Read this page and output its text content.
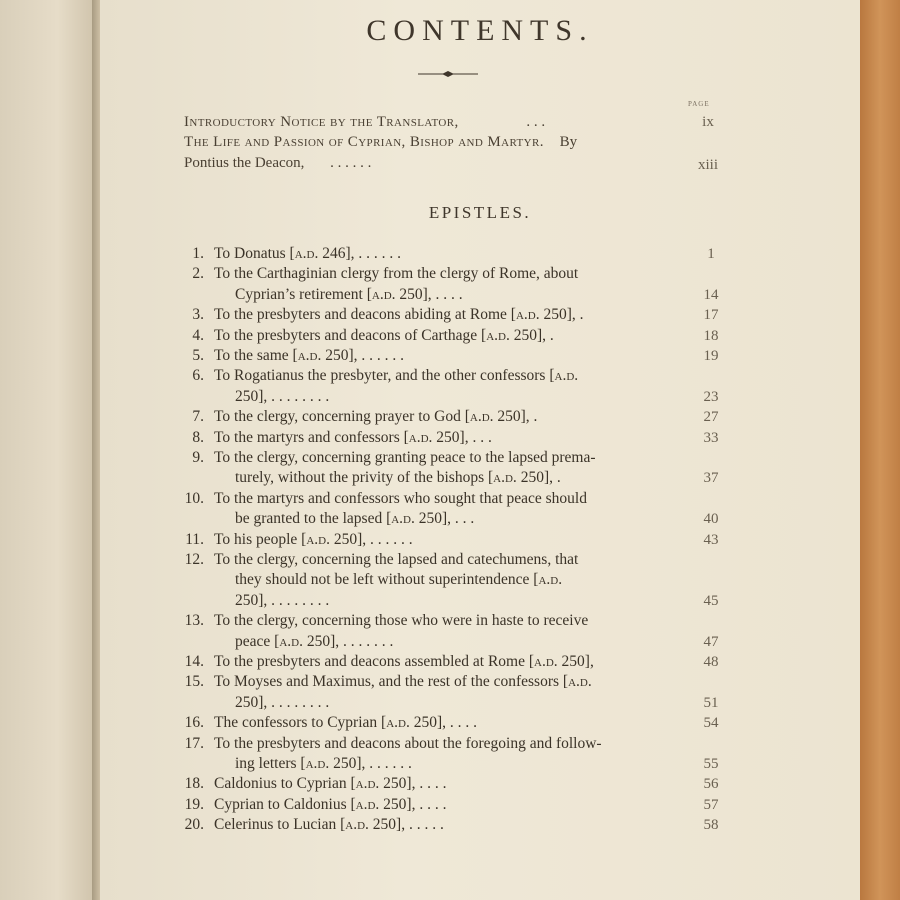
CONTENTS.
PAGE
Introductory Notice by the Translator,	. . .	ix
The Life and Passion of Cyprian, Bishop and Martyr. By
Pontius the Deacon, . . . . . .	xiii
EPISTLES.
1. To Donatus [a.d. 246], . . . . . .	1
2. To the Carthaginian clergy from the clergy of Rome, about
Cyprian’s retirement [a.d. 250], . . . .	14
3. To the presbyters and deacons abiding at Rome [a.d. 250], .	17
4. To the presbyters and deacons of Carthage [a.d. 250], .	18
5. To the same [a.d. 250], . . . . . .	19
6. To Rogatianus the presbyter, and the other confessors [a.d.
250], . . . . . . . .	23
7. To the clergy, concerning prayer to God [a.d. 250], .	27
8. To the martyrs and confessors [a.d. 250], . . .	33
9. To the clergy, concerning granting peace to the lapsed prema-
turely, without the privity of the bishops [a.d. 250], .	37
10. To the martyrs and confessors who sought that peace should
be granted to the lapsed [a.d. 250], . . .	40
11. To his people [a.d. 250], . . . . . .	43
12. To the clergy, concerning the lapsed and catechumens, that
they should not be left without superintendence [a.d.
250], . . . . . . . .	45
13. To the clergy, concerning those who were in haste to receive
peace [a.d. 250], . . . . . . .	47
14. To the presbyters and deacons assembled at Rome [a.d. 250],	48
15. To Moyses and Maximus, and the rest of the confessors [a.d.
250], . . . . . . . .	51
16. The confessors to Cyprian [a.d. 250], . . . .	54
17. To the presbyters and deacons about the foregoing and follow-
ing letters [a.d. 250], . . . . . .	55
18. Caldonius to Cyprian [a.d. 250], . . . .	56
19. Cyprian to Caldonius [a.d. 250], . . . .	57
20. Celerinus to Lucian [a.d. 250], . . . . .	58
